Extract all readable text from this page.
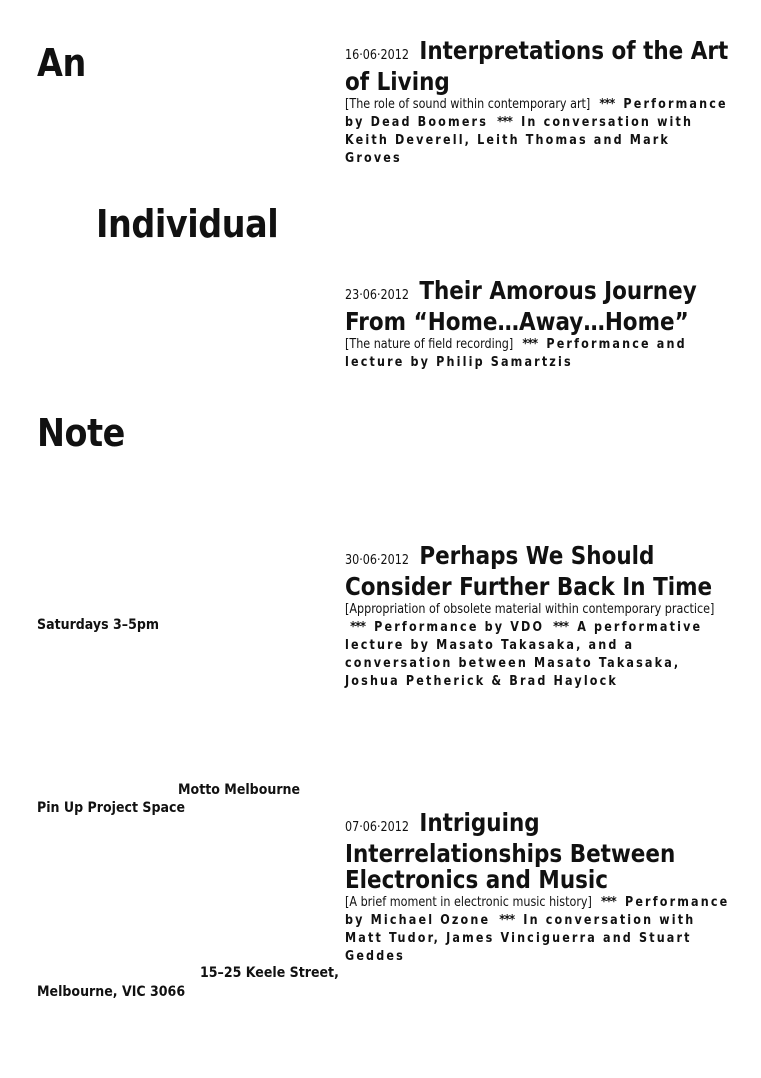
An
Individual
Note
Saturdays 3–5pm
Motto Melbourne
Pin Up Project Space
15–25 Keele Street,
Melbourne, VIC 3066
16·06·2012 Interpretations of the Art of Living
[The role of sound within contemporary art] *** Performance by Dead Boomers *** In conversation with Keith Deverell, Leith Thomas and Mark Groves
23·06·2012 Their Amorous Journey From “Home…Away…Home”
[The nature of field recording] *** Performance and lecture by Philip Samartzis
30·06·2012 Perhaps We Should Consider Further Back In Time
[Appropriation of obsolete material within contemporary practice] *** Performance by VDO *** A performative lecture by Masato Takasaka, and a conversation between Masato Takasaka, Joshua Petherick & Brad Haylock
07·06·2012 Intriguing Interrelationships Between Electronics and Music
[A brief moment in electronic music history] *** Performance by Michael Ozone *** In conversation with Matt Tudor, James Vinciguerra and Stuart Geddes
